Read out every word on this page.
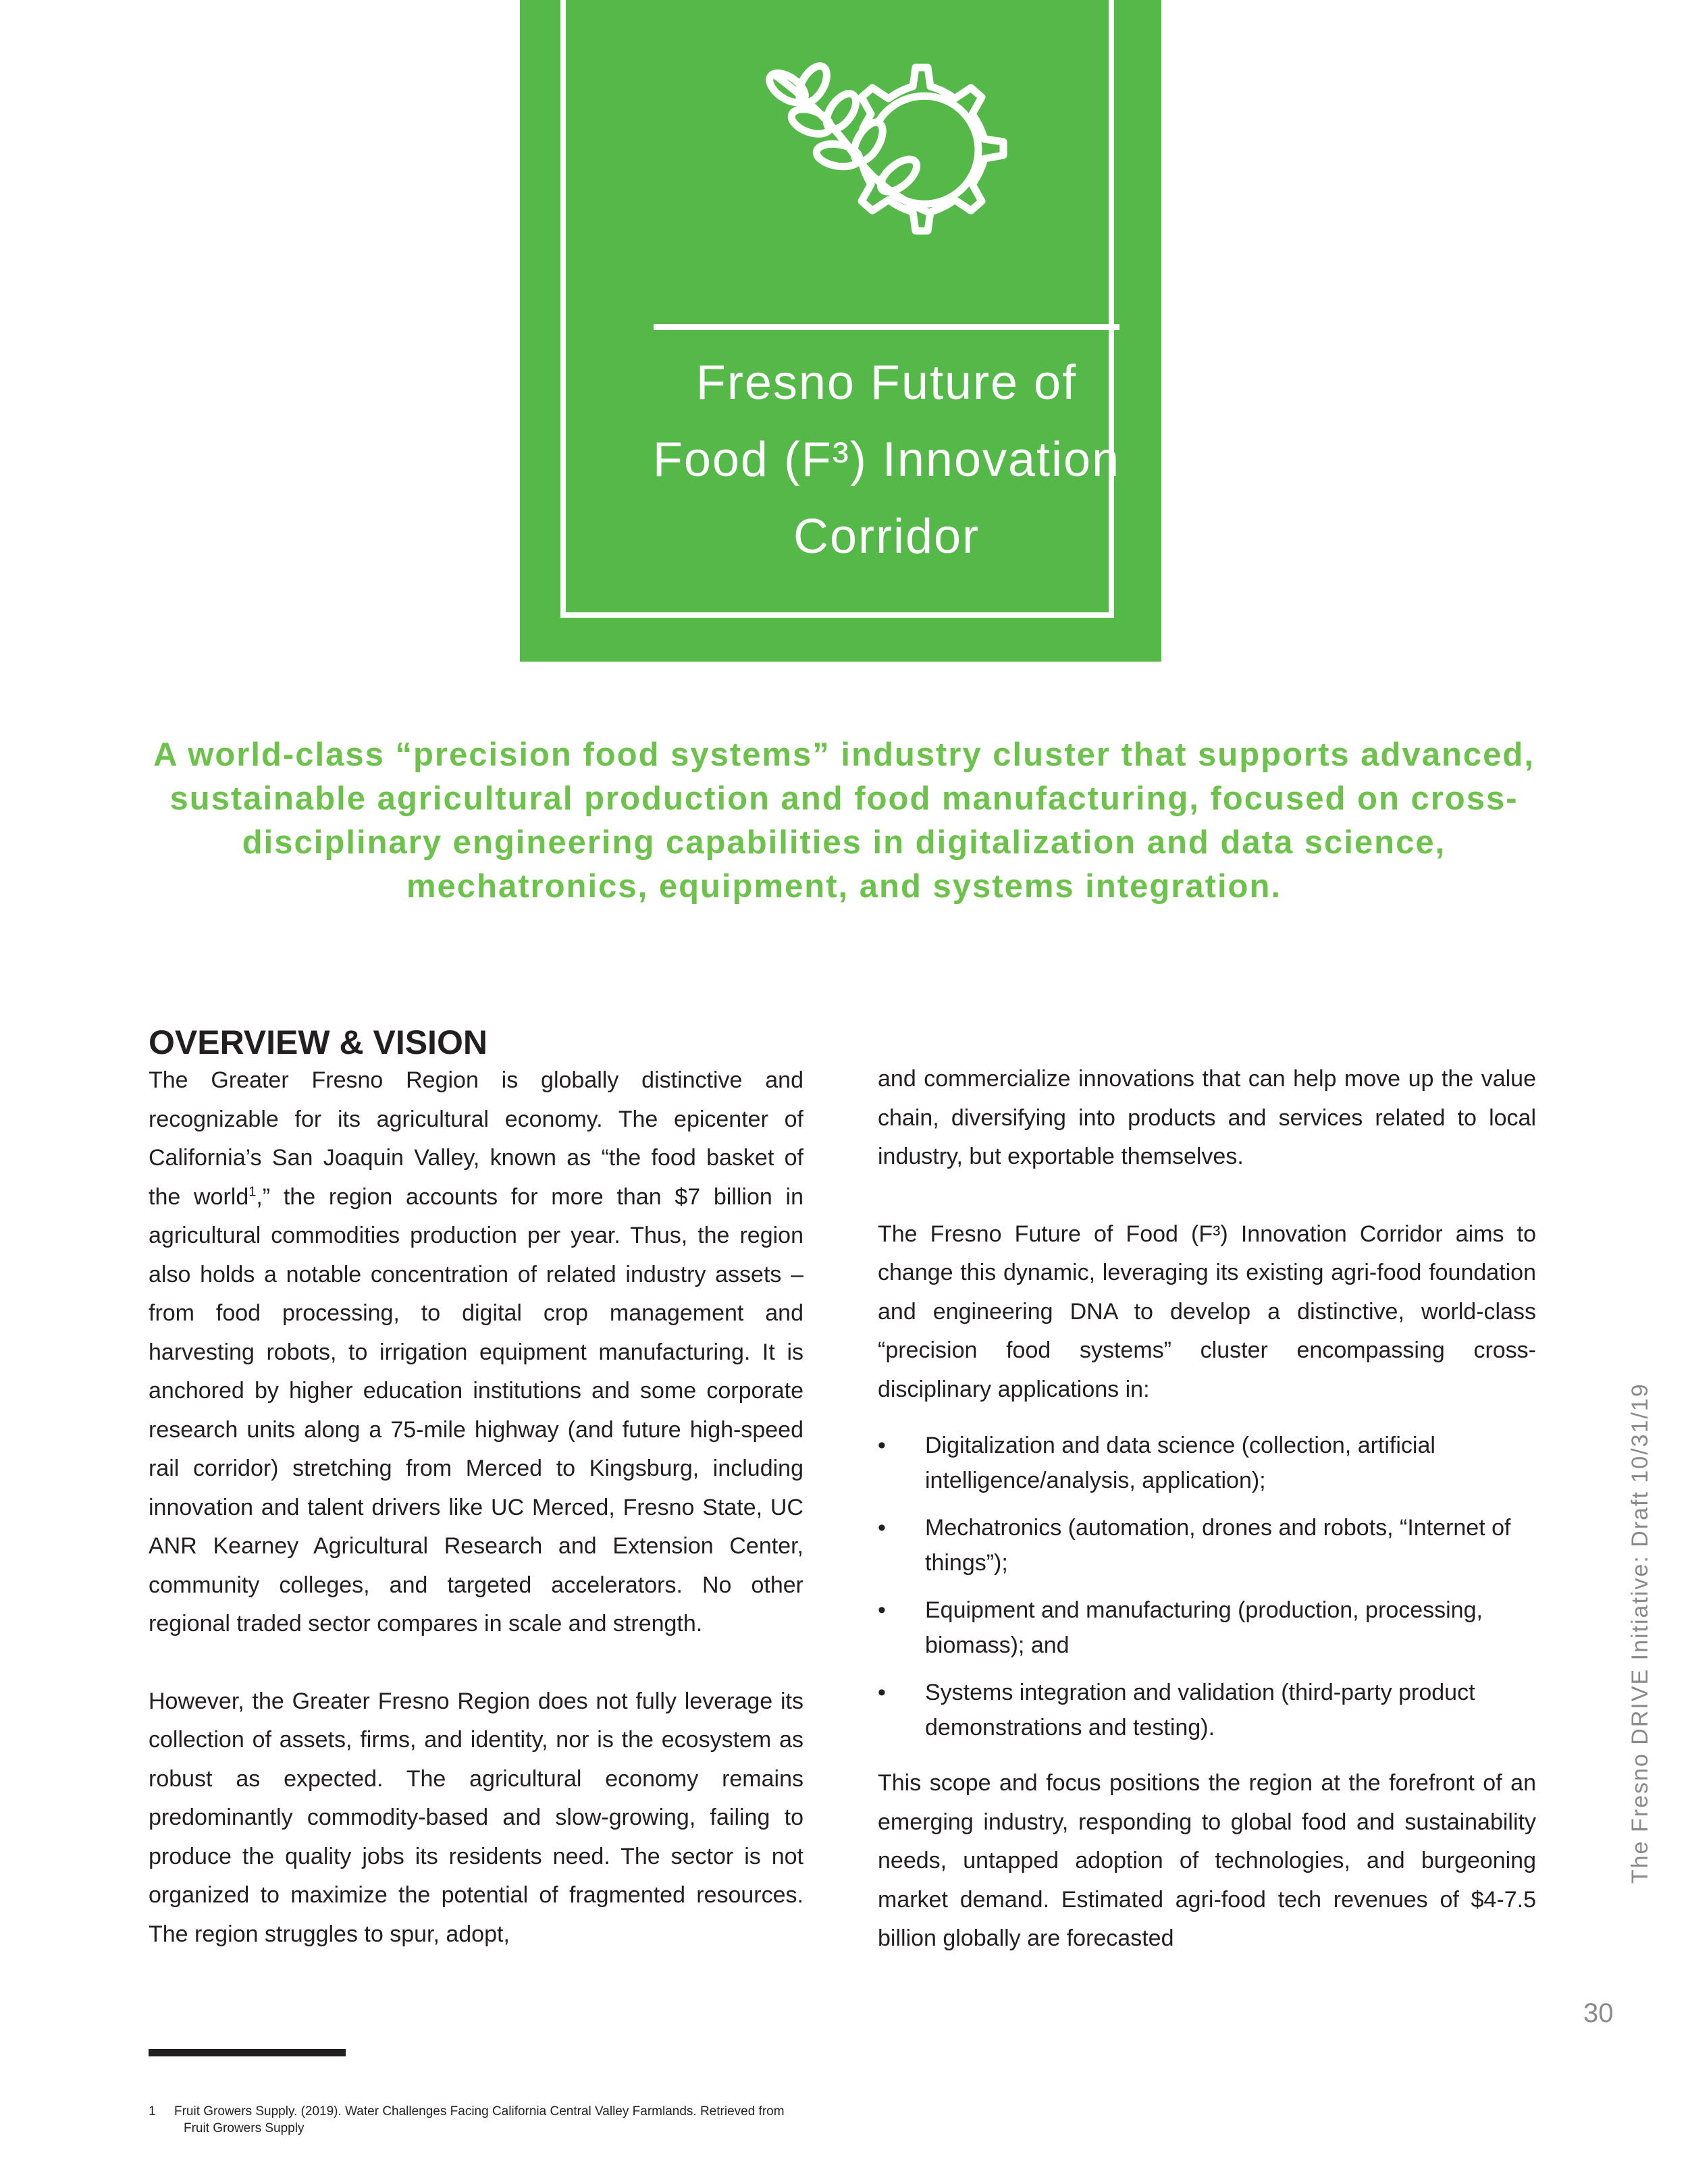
Fresno Future of
Food (F³) Innovation
Corridor
A world-class “precision food systems” industry cluster that supports advanced, sustainable agricultural production and food manufacturing, focused on cross-disciplinary engineering capabilities in digitalization and data science, mechatronics, equipment, and systems integration.
OVERVIEW & VISION

The Greater Fresno Region is globally distinctive and recognizable for its agricultural economy. The epicenter of California’s San Joaquin Valley, known as “the food basket of the world$^1$,” the region accounts for more than $7 billion in agricultural commodities production per year. Thus, the region also holds a notable concentration of related industry assets – from food processing, to digital crop management and harvesting robots, to irrigation equipment manufacturing. It is anchored by higher education institutions and some corporate research units along a 75-mile highway (and future high-speed rail corridor) stretching from Merced to Kingsburg, including innovation and talent drivers like UC Merced, Fresno State, UC ANR Kearney Agricultural Research and Extension Center, community colleges, and targeted accelerators. No other regional traded sector compares in scale and strength.

However, the Greater Fresno Region does not fully leverage its collection of assets, firms, and identity, nor is the ecosystem as robust as expected. The agricultural economy remains predominantly commodity-based and slow-growing, failing to produce the quality jobs its residents need. The sector is not organized to maximize the potential of fragmented resources. The region struggles to spur, adopt,

and commercialize innovations that can help move up the value chain, diversifying into products and services related to local industry, but exportable themselves.

The Fresno Future of Food (F³) Innovation Corridor aims to change this dynamic, leveraging its existing agri-food foundation and engineering DNA to develop a distinctive, world-class “precision food systems” cluster encompassing cross-disciplinary applications in:

• Digitalization and data science (collection, artificial intelligence/analysis, application);
• Mechatronics (automation, drones and robots, “Internet of things”);
• Equipment and manufacturing (production, processing, biomass); and
• Systems integration and validation (third-party product demonstrations and testing).

This scope and focus positions the region at the forefront of an emerging industry, responding to global food and sustainability needs, untapped adoption of technologies, and burgeoning market demand. Estimated agri-food tech revenues of $4-7.5 billion globally are forecasted

The Fresno DRIVE Initiative: Draft 10/31/19
30
1 Fruit Growers Supply. (2019). Water Challenges Facing California Central Valley Farmlands. Retrieved from
Fruit Growers Supply
